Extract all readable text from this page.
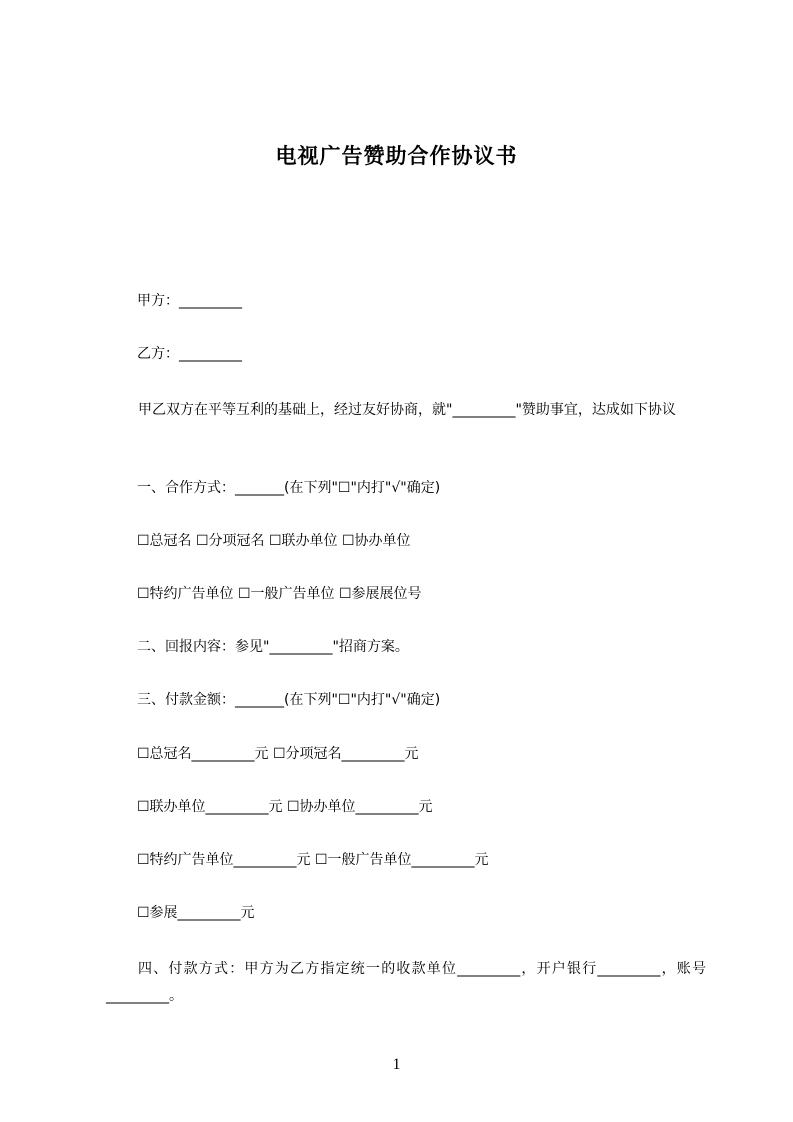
电视广告赞助合作协议书
甲方：_________
乙方：_________
甲乙双方在平等互利的基础上，经过友好协商，就"_________"赞助事宜，达成如下协议
一、合作方式：_______(在下列"☐"内打"√"确定)
☐总冠名 ☐分项冠名 ☐联办单位 ☐协办单位
☐特约广告单位 ☐一般广告单位 ☐参展展位号
二、回报内容：参见"_________"招商方案。
三、付款金额：_______(在下列"☐"内打"√"确定)
☐总冠名_________元 ☐分项冠名_________元
☐联办单位_________元 ☐协办单位_________元
☐特约广告单位_________元 ☐一般广告单位_________元
☐参展_________元
四、付款方式：甲方为乙方指定统一的收款单位_________，开户银行_________，账号_________。
1
